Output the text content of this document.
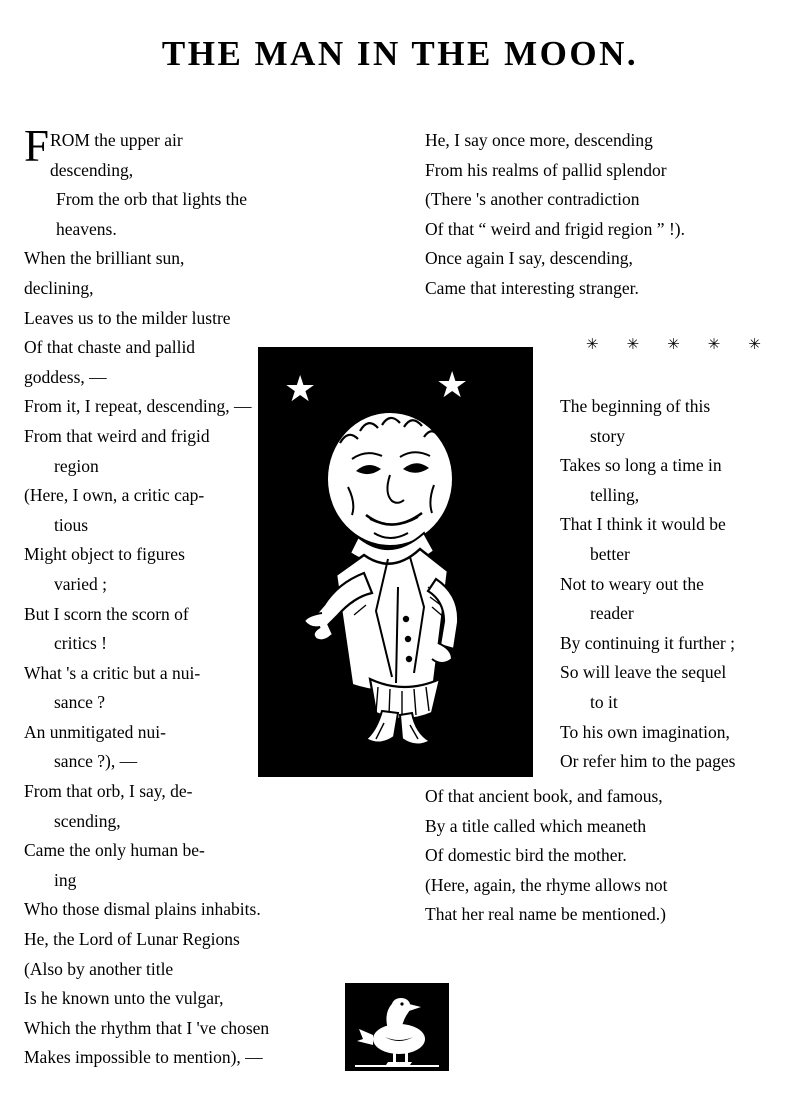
THE MAN IN THE MOON.
FROM the upper air descending,
From the orb that lights the heavens.
When the brilliant sun, declining,
Leaves us to the milder lustre
Of that chaste and pallid goddess, —
From it, I repeat, descending, —
From that weird and frigid
region
(Here, I own, a critic cap-
tious
Might object to figures
varied ;
But I scorn the scorn of
critics !
What 's a critic but a nui-
sance ?
An unmitigated nui-
sance ?), —
From that orb, I say, de-
scending,
Came the only human be-
ing
Who those dismal plains inhabits.
He, the Lord of Lunar Regions
(Also by another title
Is he known unto the vulgar,
Which the rhythm that I 've chosen
Makes impossible to mention), —
He, I say once more, descending
From his realms of pallid splendor
(There 's another contradiction
Of that “ weird and frigid region ” !).
Once again I say, descending,
Came that interesting stranger.
✳ ✳ ✳ ✳ ✳
The beginning of this
story
Takes so long a time in
telling,
That I think it would be
better
Not to weary out the
reader
By continuing it further ;
So will leave the sequel
to it
To his own imagination,
Or refer him to the pages
Of that ancient book, and famous,
By a title called which meaneth
Of domestic bird the mother.
(Here, again, the rhyme allows not
That her real name be mentioned.)
★	★
